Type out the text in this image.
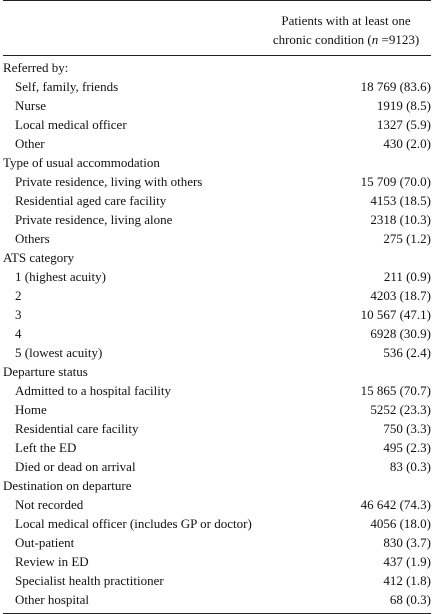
Patients with at least one
chronic condition (n =9123)
Referred by:
Self, family, friends	18 769 (83.6)
Nurse	1919 (8.5)
Local medical officer	1327 (5.9)
Other	430 (2.0)
Type of usual accommodation
Private residence, living with others	15 709 (70.0)
Residential aged care facility	4153 (18.5)
Private residence, living alone	2318 (10.3)
Others	275 (1.2)
ATS category
1 (highest acuity)	211 (0.9)
2	4203 (18.7)
3	10 567 (47.1)
4	6928 (30.9)
5 (lowest acuity)	536 (2.4)
Departure status
Admitted to a hospital facility	15 865 (70.7)
Home	5252 (23.3)
Residential care facility	750 (3.3)
Left the ED	495 (2.3)
Died or dead on arrival	83 (0.3)
Destination on departure
Not recorded	46 642 (74.3)
Local medical officer (includes GP or doctor)	4056 (18.0)
Out-patient	830 (3.7)
Review in ED	437 (1.9)
Specialist health practitioner	412 (1.8)
Other hospital	68 (0.3)
